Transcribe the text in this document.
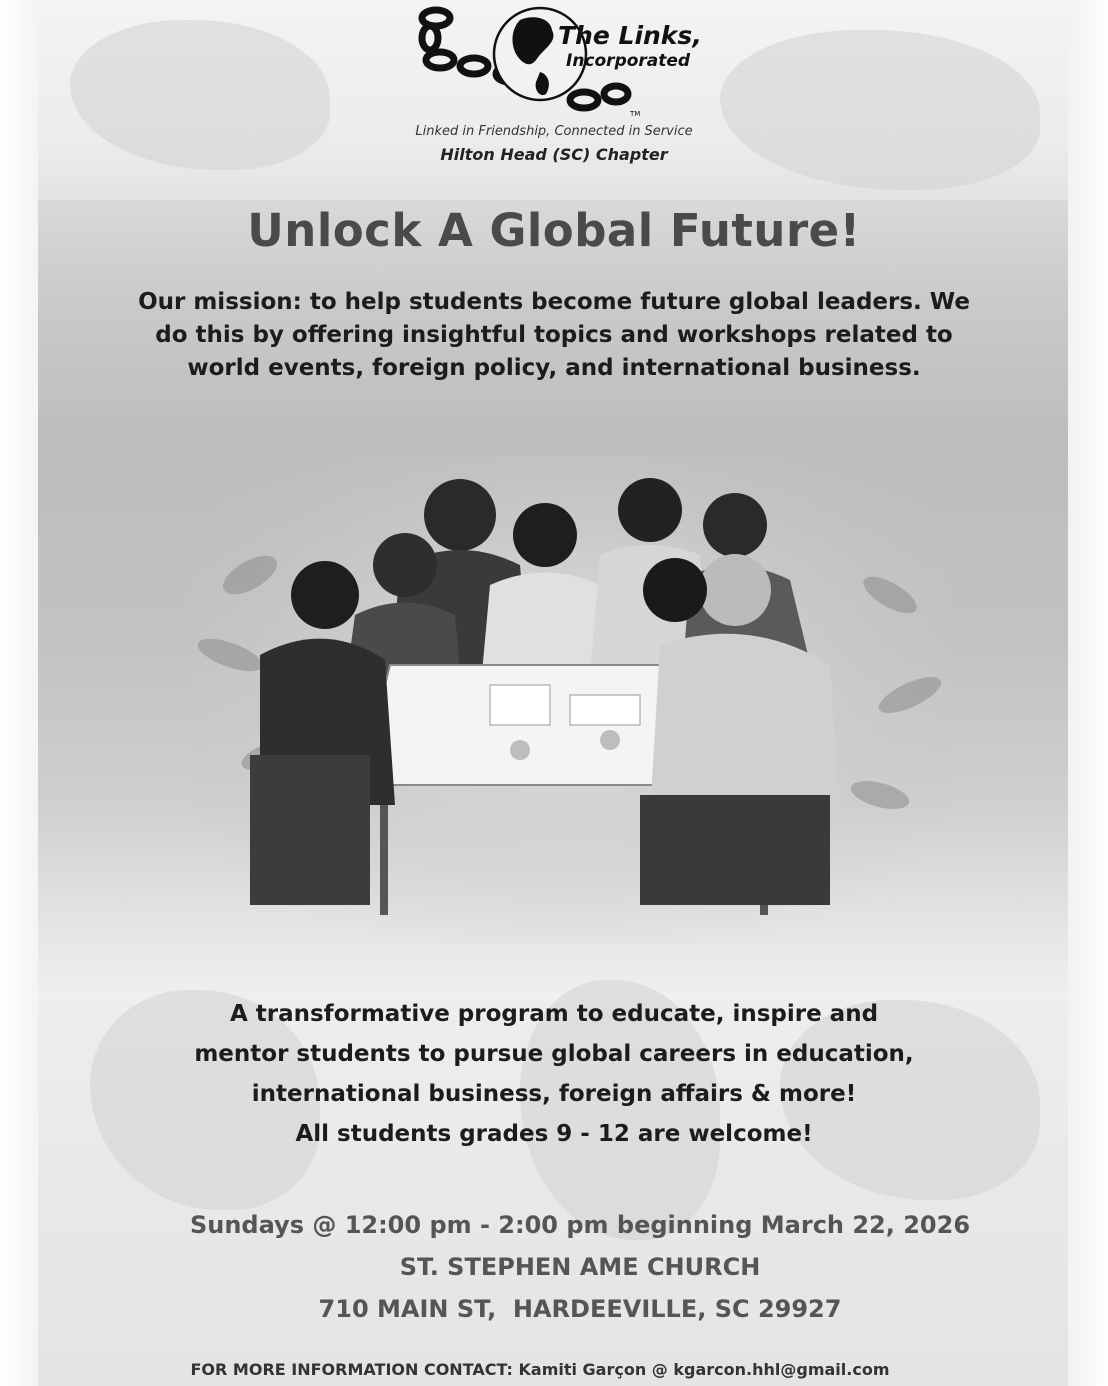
The Links,
Incorporated
TM
Linked in Friendship, Connected in Service
Hilton Head (SC) Chapter
Unlock A Global Future!
Our mission: to help students become future global leaders. We do this by offering insightful topics and workshops related to world events, foreign policy, and international business.

A transformative program to educate, inspire and

mentor students to pursue global careers in education,

international business, foreign affairs & more!

All students grades 9 - 12 are welcome!

Sundays @ 12:00 pm - 2:00 pm beginning March 22, 2026

ST. STEPHEN AME CHURCH

710 MAIN ST,  HARDEEVILLE, SC 29927

FOR MORE INFORMATION CONTACT: Kamiti Garçon @ kgarcon.hhl@gmail.com
